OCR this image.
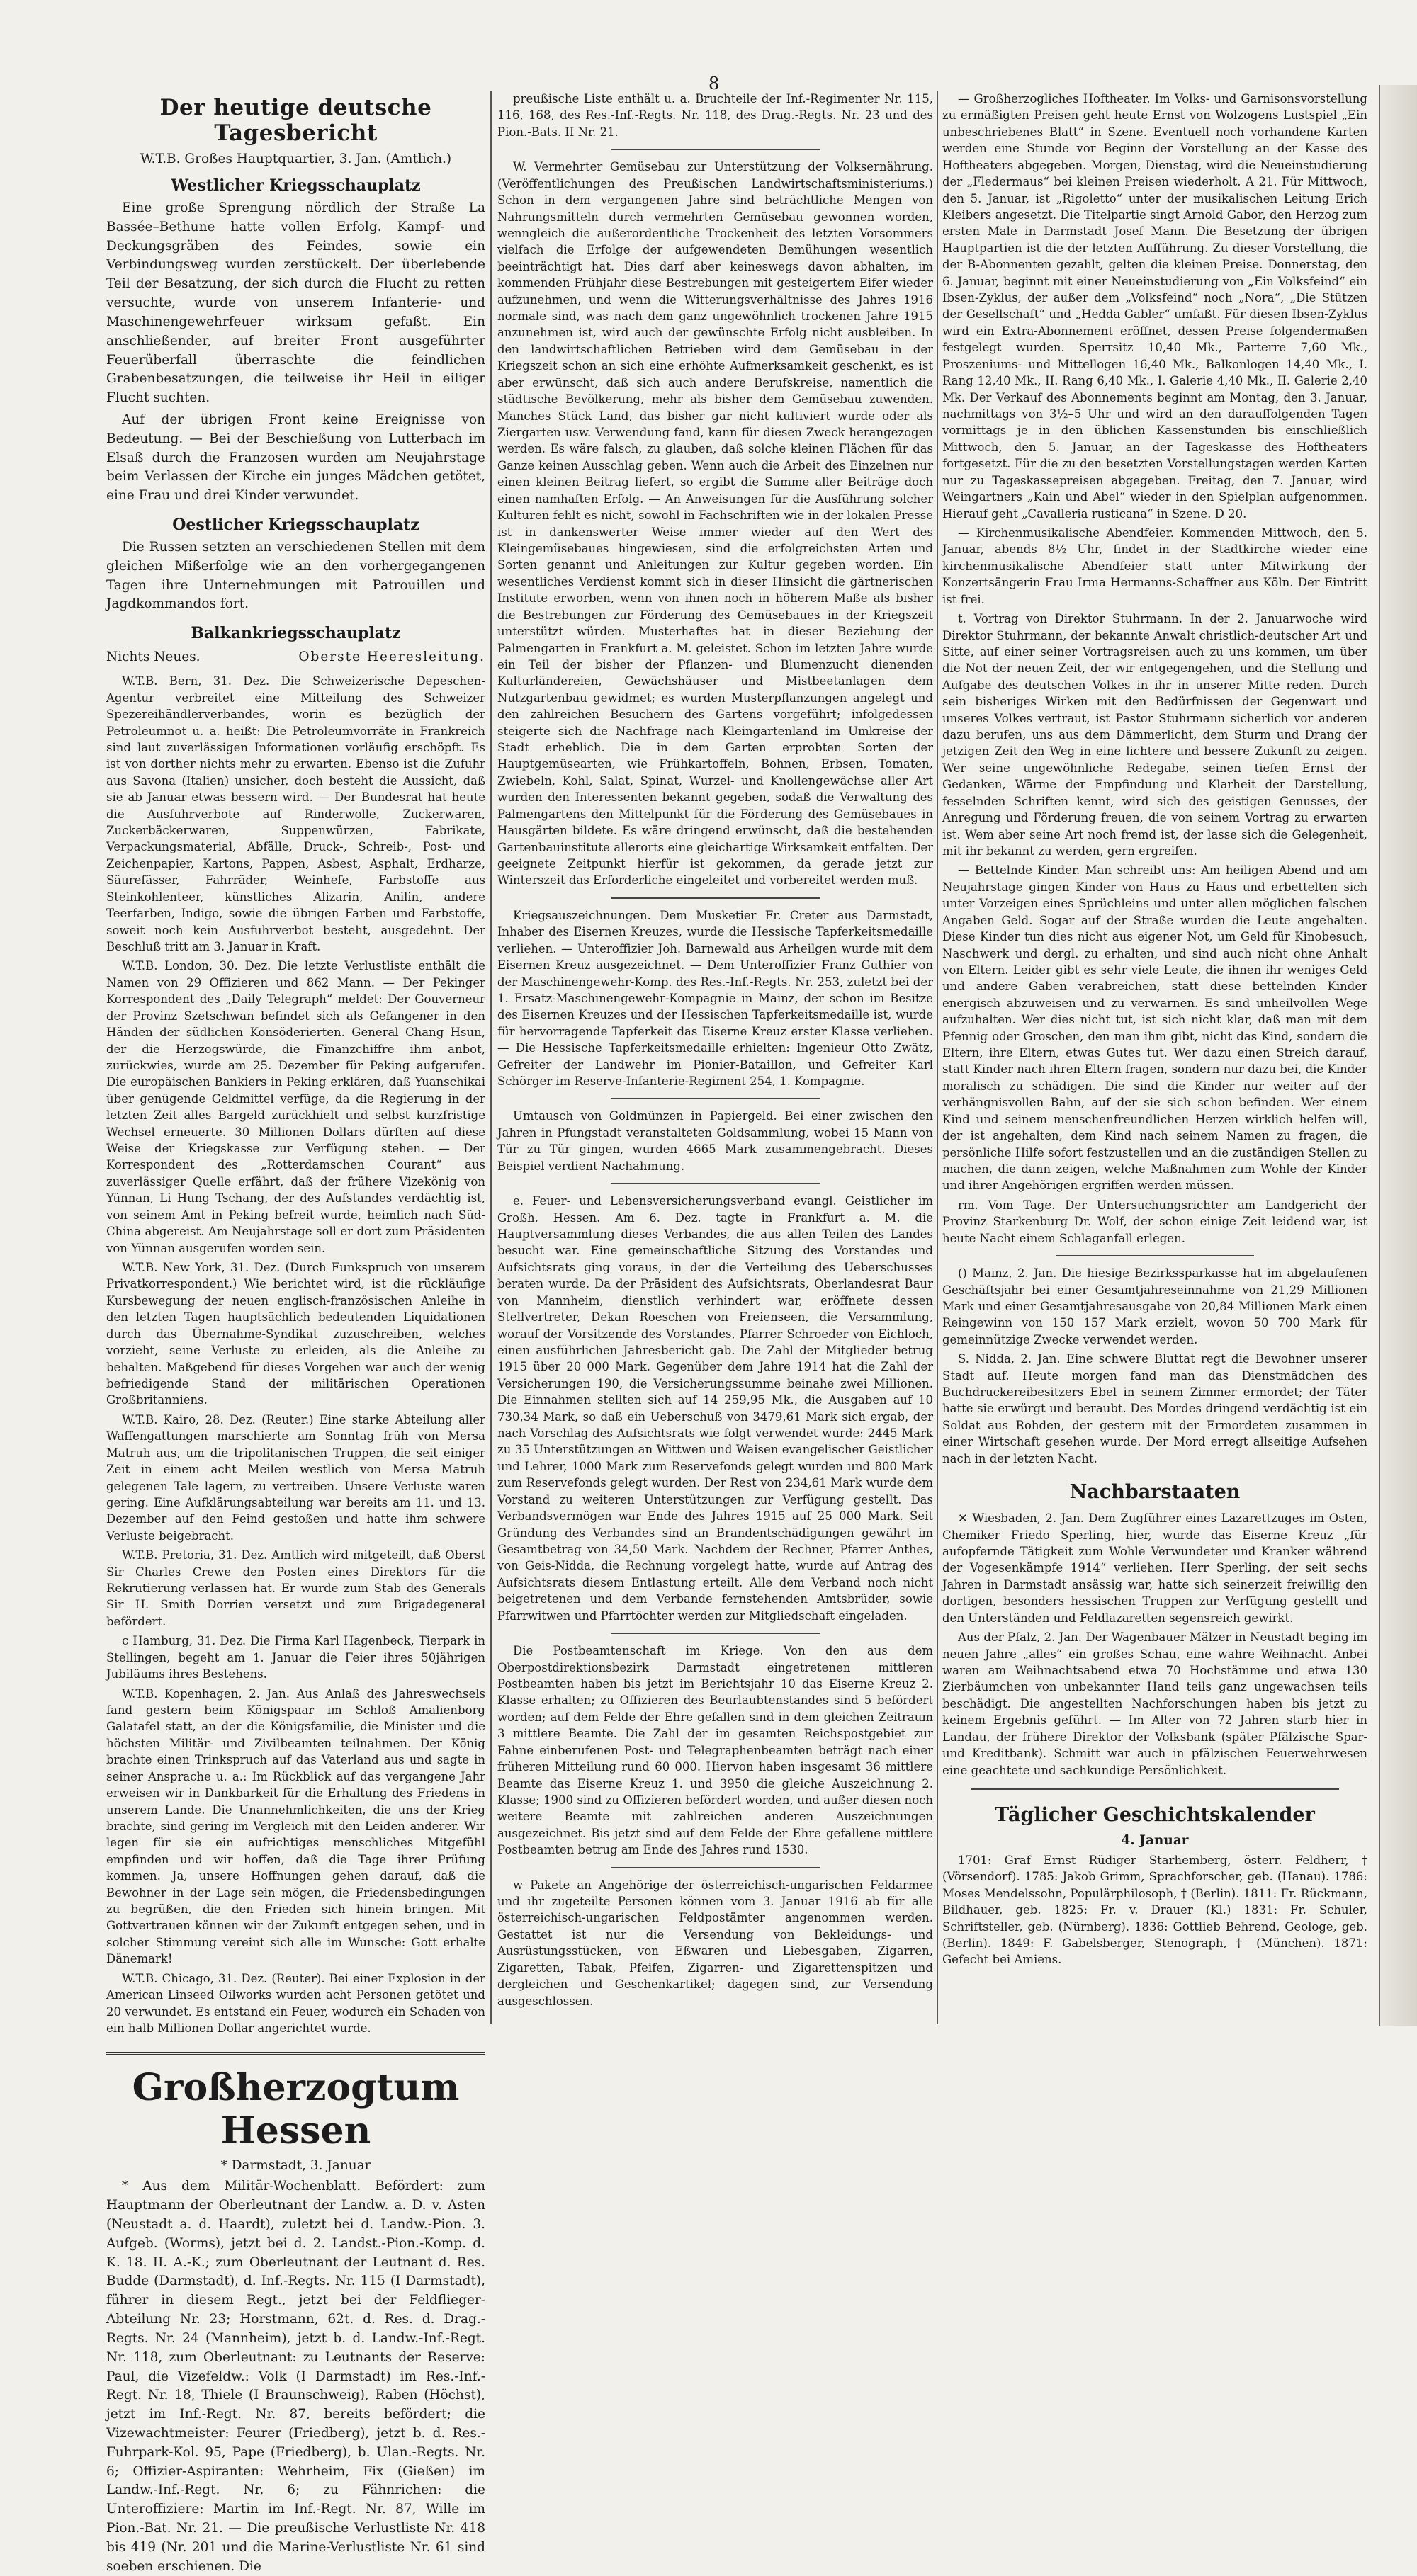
8
Der heutige deutsche Tagesbericht
W.T.B. Großes Hauptquartier, 3. Jan. (Amtlich.)
Westlicher Kriegsschauplatz

Eine große Sprengung nördlich der Straße La Bassée–Bethune hatte vollen Erfolg. Kampf- und Deckungsgräben des Feindes, sowie ein Verbindungsweg wurden zerstückelt. Der überlebende Teil der Besatzung, der sich durch die Flucht zu retten versuchte, wurde von unserem Infanterie- und Maschinengewehrfeuer wirksam gefaßt. Ein anschließender, auf breiter Front ausgeführter Feuerüberfall überraschte die feindlichen Grabenbesatzungen, die teilweise ihr Heil in eiliger Flucht suchten.

Auf der übrigen Front keine Ereignisse von Bedeutung. — Bei der Beschießung von Lutterbach im Elsaß durch die Franzosen wurden am Neujahrstage beim Verlassen der Kirche ein junges Mädchen getötet, eine Frau und drei Kinder verwundet.

Oestlicher Kriegsschauplatz

Die Russen setzten an verschiedenen Stellen mit dem gleichen Mißerfolge wie an den vorhergegangenen Tagen ihre Unternehmungen mit Patrouillen und Jagdkommandos fort.

Balkankriegsschauplatz
Nichts Neues.	Oberste Heeresleitung.

W.T.B. Bern, 31. Dez. Die Schweizerische Depeschen-Agentur verbreitet eine Mitteilung des Schweizer Spezereihändlerverbandes, worin es bezüglich der Petroleumnot u. a. heißt: Die Petroleumvorräte in Frankreich sind laut zuverlässigen Informationen vorläufig erschöpft. Es ist von dorther nichts mehr zu erwarten. Ebenso ist die Zufuhr aus Savona (Italien) unsicher, doch besteht die Aussicht, daß sie ab Januar etwas bessern wird. — Der Bundesrat hat heute die Ausfuhrverbote auf Rinderwolle, Zuckerwaren, Zuckerbäckerwaren, Suppenwürzen, Fabrikate, Verpackungsmaterial, Abfälle, Druck-, Schreib-, Post- und Zeichenpapier, Kartons, Pappen, Asbest, Asphalt, Erdharze, Säurefässer, Fahrräder, Weinhefe, Farbstoffe aus Steinkohlenteer, künstliches Alizarin, Anilin, andere Teerfarben, Indigo, sowie die übrigen Farben und Farbstoffe, soweit noch kein Ausfuhrverbot besteht, ausgedehnt. Der Beschluß tritt am 3. Januar in Kraft.

W.T.B. London, 30. Dez. Die letzte Verlustliste enthält die Namen von 29 Offizieren und 862 Mann. — Der Pekinger Korrespondent des „Daily Telegraph“ meldet: Der Gouverneur der Provinz Szetschwan befindet sich als Gefangener in den Händen der südlichen Konsöderierten. General Chang Hsun, der die Herzogswürde, die Finanzchiffre ihm anbot, zurückwies, wurde am 25. Dezember für Peking aufgerufen. Die europäischen Bankiers in Peking erklären, daß Yuanschikai über genügende Geldmittel verfüge, da die Regierung in der letzten Zeit alles Bargeld zurückhielt und selbst kurzfristige Wechsel erneuerte. 30 Millionen Dollars dürften auf diese Weise der Kriegskasse zur Verfügung stehen. — Der Korrespondent des „Rotterdamschen Courant“ aus zuverlässiger Quelle erfährt, daß der frühere Vizekönig von Yünnan, Li Hung Tschang, der des Aufstandes verdächtig ist, von seinem Amt in Peking befreit wurde, heimlich nach Süd-China abgereist. Am Neujahrstage soll er dort zum Präsidenten von Yünnan ausgerufen worden sein.

W.T.B. New York, 31. Dez. (Durch Funkspruch von unserem Privatkorrespondent.) Wie berichtet wird, ist die rückläufige Kursbewegung der neuen englisch-französischen Anleihe in den letzten Tagen hauptsächlich bedeutenden Liquidationen durch das Übernahme-Syndikat zuzuschreiben, welches vorzieht, seine Verluste zu erleiden, als die Anleihe zu behalten. Maßgebend für dieses Vorgehen war auch der wenig befriedigende Stand der militärischen Operationen Großbritanniens.

W.T.B. Kairo, 28. Dez. (Reuter.) Eine starke Abteilung aller Waffengattungen marschierte am Sonntag früh von Mersa Matruh aus, um die tripolitanischen Truppen, die seit einiger Zeit in einem acht Meilen westlich von Mersa Matruh gelegenen Tale lagern, zu vertreiben. Unsere Verluste waren gering. Eine Aufklärungsabteilung war bereits am 11. und 13. Dezember auf den Feind gestoßen und hatte ihm schwere Verluste beigebracht.

W.T.B. Pretoria, 31. Dez. Amtlich wird mitgeteilt, daß Oberst Sir Charles Crewe den Posten eines Direktors für die Rekrutierung verlassen hat. Er wurde zum Stab des Generals Sir H. Smith Dorrien versetzt und zum Brigadegeneral befördert.

c Hamburg, 31. Dez. Die Firma Karl Hagenbeck, Tierpark in Stellingen, begeht am 1. Januar die Feier ihres 50jährigen Jubiläums ihres Bestehens.

W.T.B. Kopenhagen, 2. Jan. Aus Anlaß des Jahreswechsels fand gestern beim Königspaar im Schloß Amalienborg Galatafel statt, an der die Königsfamilie, die Minister und die höchsten Militär- und Zivilbeamten teilnahmen. Der König brachte einen Trinkspruch auf das Vaterland aus und sagte in seiner Ansprache u. a.: Im Rückblick auf das vergangene Jahr erweisen wir in Dankbarkeit für die Erhaltung des Friedens in unserem Lande. Die Unannehmlichkeiten, die uns der Krieg brachte, sind gering im Vergleich mit den Leiden anderer. Wir legen für sie ein aufrichtiges menschliches Mitgefühl empfinden und wir hoffen, daß die Tage ihrer Prüfung kommen. Ja, unsere Hoffnungen gehen darauf, daß die Bewohner in der Lage sein mögen, die Friedensbedingungen zu begrüßen, die den Frieden sich hinein bringen. Mit Gottvertrauen können wir der Zukunft entgegen sehen, und in solcher Stimmung vereint sich alle im Wunsche: Gott erhalte Dänemark!

W.T.B. Chicago, 31. Dez. (Reuter). Bei einer Explosion in der American Linseed Oilworks wurden acht Personen getötet und 20 verwundet. Es entstand ein Feuer, wodurch ein Schaden von ein halb Millionen Dollar angerichtet wurde.

Großherzogtum Hessen
* Darmstadt, 3. Januar

* Aus dem Militär-Wochenblatt. Befördert: zum Hauptmann der Oberleutnant der Landw. a. D. v. Asten (Neustadt a. d. Haardt), zuletzt bei d. Landw.-Pion. 3. Aufgeb. (Worms), jetzt bei d. 2. Landst.-Pion.-Komp. d. K. 18. II. A.-K.; zum Oberleutnant der Leutnant d. Res. Budde (Darmstadt), d. Inf.-Regts. Nr. 115 (I Darmstadt), führer in diesem Regt., jetzt bei der Feldflieger-Abteilung Nr. 23; Horstmann, 62t. d. Res. d. Drag.-Regts. Nr. 24 (Mannheim), jetzt b. d. Landw.-Inf.-Regt. Nr. 118, zum Oberleutnant: zu Leutnants der Reserve: Paul, die Vizefeldw.: Volk (I Darmstadt) im Res.-Inf.-Regt. Nr. 18, Thiele (I Braunschweig), Raben (Höchst), jetzt im Inf.-Regt. Nr. 87, bereits befördert; die Vizewachtmeister: Feurer (Friedberg), jetzt b. d. Res.-Fuhrpark-Kol. 95, Pape (Friedberg), b. Ulan.-Regts. Nr. 6; Offizier-Aspiranten: Wehrheim, Fix (Gießen) im Landw.-Inf.-Regt. Nr. 6; zu Fähnrichen: die Unteroffiziere: Martin im Inf.-Regt. Nr. 87, Wille im Pion.-Bat. Nr. 21. — Die preußische Verlustliste Nr. 418 bis 419 (Nr. 201 und die Marine-Verlustliste Nr. 61 sind soeben erschienen. Die

preußische Liste enthält u. a. Bruchteile der Inf.-Regimenter Nr. 115, 116, 168, des Res.-Inf.-Regts. Nr. 118, des Drag.-Regts. Nr. 23 und des Pion.-Bats. II Nr. 21.

W. Vermehrter Gemüsebau zur Unterstützung der Volksernährung. (Veröffentlichungen des Preußischen Landwirtschaftsministeriums.) Schon in dem vergangenen Jahre sind beträchtliche Mengen von Nahrungsmitteln durch vermehrten Gemüsebau gewonnen worden, wenngleich die außerordentliche Trockenheit des letzten Vorsommers vielfach die Erfolge der aufgewendeten Bemühungen wesentlich beeinträchtigt hat. Dies darf aber keineswegs davon abhalten, im kommenden Frühjahr diese Bestrebungen mit gesteigertem Eifer wieder aufzunehmen, und wenn die Witterungsverhältnisse des Jahres 1916 normale sind, was nach dem ganz ungewöhnlich trockenen Jahre 1915 anzunehmen ist, wird auch der gewünschte Erfolg nicht ausbleiben. In den landwirtschaftlichen Betrieben wird dem Gemüsebau in der Kriegszeit schon an sich eine erhöhte Aufmerksamkeit geschenkt, es ist aber erwünscht, daß sich auch andere Berufskreise, namentlich die städtische Bevölkerung, mehr als bisher dem Gemüsebau zuwenden. Manches Stück Land, das bisher gar nicht kultiviert wurde oder als Ziergarten usw. Verwendung fand, kann für diesen Zweck herangezogen werden. Es wäre falsch, zu glauben, daß solche kleinen Flächen für das Ganze keinen Ausschlag geben. Wenn auch die Arbeit des Einzelnen nur einen kleinen Beitrag liefert, so ergibt die Summe aller Beiträge doch einen namhaften Erfolg. — An Anweisungen für die Ausführung solcher Kulturen fehlt es nicht, sowohl in Fachschriften wie in der lokalen Presse ist in dankenswerter Weise immer wieder auf den Wert des Kleingemüsebaues hingewiesen, sind die erfolgreichsten Arten und Sorten genannt und Anleitungen zur Kultur gegeben worden. Ein wesentliches Verdienst kommt sich in dieser Hinsicht die gärtnerischen Institute erworben, wenn von ihnen noch in höherem Maße als bisher die Bestrebungen zur Förderung des Gemüsebaues in der Kriegszeit unterstützt würden. Musterhaftes hat in dieser Beziehung der Palmengarten in Frankfurt a. M. geleistet. Schon im letzten Jahre wurde ein Teil der bisher der Pflanzen- und Blumenzucht dienenden Kulturländereien, Gewächshäuser und Mistbeetanlagen dem Nutzgartenbau gewidmet; es wurden Musterpflanzungen angelegt und den zahlreichen Besuchern des Gartens vorgeführt; infolgedessen steigerte sich die Nachfrage nach Kleingartenland im Umkreise der Stadt erheblich. Die in dem Garten erprobten Sorten der Hauptgemüsearten, wie Frühkartoffeln, Bohnen, Erbsen, Tomaten, Zwiebeln, Kohl, Salat, Spinat, Wurzel- und Knollengewächse aller Art wurden den Interessenten bekannt gegeben, sodaß die Verwaltung des Palmengartens den Mittelpunkt für die Förderung des Gemüsebaues in Hausgärten bildete. Es wäre dringend erwünscht, daß die bestehenden Gartenbauinstitute allerorts eine gleichartige Wirksamkeit entfalten. Der geeignete Zeitpunkt hierfür ist gekommen, da gerade jetzt zur Winterszeit das Erforderliche eingeleitet und vorbereitet werden muß.

Kriegsauszeichnungen. Dem Musketier Fr. Creter aus Darmstadt, Inhaber des Eisernen Kreuzes, wurde die Hessische Tapferkeitsmedaille verliehen. — Unteroffizier Joh. Barnewald aus Arheilgen wurde mit dem Eisernen Kreuz ausgezeichnet. — Dem Unteroffizier Franz Guthier von der Maschinengewehr-Komp. des Res.-Inf.-Regts. Nr. 253, zuletzt bei der 1. Ersatz-Maschinengewehr-Kompagnie in Mainz, der schon im Besitze des Eisernen Kreuzes und der Hessischen Tapferkeitsmedaille ist, wurde für hervorragende Tapferkeit das Eiserne Kreuz erster Klasse verliehen. — Die Hessische Tapferkeitsmedaille erhielten: Ingenieur Otto Zwätz, Gefreiter der Landwehr im Pionier-Bataillon, und Gefreiter Karl Schörger im Reserve-Infanterie-Regiment 254, 1. Kompagnie.

Umtausch von Goldmünzen in Papiergeld. Bei einer zwischen den Jahren in Pfungstadt veranstalteten Goldsammlung, wobei 15 Mann von Tür zu Tür gingen, wurden 4665 Mark zusammengebracht. Dieses Beispiel verdient Nachahmung.

e. Feuer- und Lebensversicherungsverband evangl. Geistlicher im Großh. Hessen. Am 6. Dez. tagte in Frankfurt a. M. die Hauptversammlung dieses Verbandes, die aus allen Teilen des Landes besucht war. Eine gemeinschaftliche Sitzung des Vorstandes und Aufsichtsrats ging voraus, in der die Verteilung des Ueberschusses beraten wurde. Da der Präsident des Aufsichtsrats, Oberlandesrat Baur von Mannheim, dienstlich verhindert war, eröffnete dessen Stellvertreter, Dekan Roeschen von Freienseen, die Versammlung, worauf der Vorsitzende des Vorstandes, Pfarrer Schroeder von Eichloch, einen ausführlichen Jahresbericht gab. Die Zahl der Mitglieder betrug 1915 über 20 000 Mark. Gegenüber dem Jahre 1914 hat die Zahl der Versicherungen 190, die Versicherungssumme beinahe zwei Millionen. Die Einnahmen stellten sich auf 14 259,95 Mk., die Ausgaben auf 10 730,34 Mark, so daß ein Ueberschuß von 3479,61 Mark sich ergab, der nach Vorschlag des Aufsichtsrats wie folgt verwendet wurde: 2445 Mark zu 35 Unterstützungen an Wittwen und Waisen evangelischer Geistlicher und Lehrer, 1000 Mark zum Reservefonds gelegt wurden und 800 Mark zum Reservefonds gelegt wurden. Der Rest von 234,61 Mark wurde dem Vorstand zu weiteren Unterstützungen zur Verfügung gestellt. Das Verbandsvermögen war Ende des Jahres 1915 auf 25 000 Mark. Seit Gründung des Verbandes sind an Brandentschädigungen gewährt im Gesamtbetrag von 34,50 Mark. Nachdem der Rechner, Pfarrer Anthes, von Geis-Nidda, die Rechnung vorgelegt hatte, wurde auf Antrag des Aufsichtsrats diesem Entlastung erteilt. Alle dem Verband noch nicht beigetretenen und dem Verbande fernstehenden Amtsbrüder, sowie Pfarrwitwen und Pfarrtöchter werden zur Mitgliedschaft eingeladen.

Die Postbeamtenschaft im Kriege. Von den aus dem Oberpostdirektionsbezirk Darmstadt eingetretenen mittleren Postbeamten haben bis jetzt im Berichtsjahr 10 das Eiserne Kreuz 2. Klasse erhalten; zu Offizieren des Beurlaubtenstandes sind 5 befördert worden; auf dem Felde der Ehre gefallen sind in dem gleichen Zeitraum 3 mittlere Beamte. Die Zahl der im gesamten Reichspostgebiet zur Fahne einberufenen Post- und Telegraphenbeamten beträgt nach einer früheren Mitteilung rund 60 000. Hiervon haben insgesamt 36 mittlere Beamte das Eiserne Kreuz 1. und 3950 die gleiche Auszeichnung 2. Klasse; 1900 sind zu Offizieren befördert worden, und außer diesen noch weitere Beamte mit zahlreichen anderen Auszeichnungen ausgezeichnet. Bis jetzt sind auf dem Felde der Ehre gefallene mittlere Postbeamten betrug am Ende des Jahres rund 1530.

w Pakete an Angehörige der österreichisch-ungarischen Feldarmee und ihr zugeteilte Personen können vom 3. Januar 1916 ab für alle österreichisch-ungarischen Feldpostämter angenommen werden. Gestattet ist nur die Versendung von Bekleidungs- und Ausrüstungsstücken, von Eßwaren und Liebesgaben, Zigarren, Zigaretten, Tabak, Pfeifen, Zigarren- und Zigarettenspitzen und dergleichen und Geschenkartikel; dagegen sind, zur Versendung ausgeschlossen.

— Großherzogliches Hoftheater. Im Volks- und Garnisonsvorstellung zu ermäßigten Preisen geht heute Ernst von Wolzogens Lustspiel „Ein unbeschriebenes Blatt“ in Szene. Eventuell noch vorhandene Karten werden eine Stunde vor Beginn der Vorstellung an der Kasse des Hoftheaters abgegeben. Morgen, Dienstag, wird die Neueinstudierung der „Fledermaus“ bei kleinen Preisen wiederholt. A 21. Für Mittwoch, den 5. Januar, ist „Rigoletto“ unter der musikalischen Leitung Erich Kleibers angesetzt. Die Titelpartie singt Arnold Gabor, den Herzog zum ersten Male in Darmstadt Josef Mann. Die Besetzung der übrigen Hauptpartien ist die der letzten Aufführung. Zu dieser Vorstellung, die der B-Abonnenten gezahlt, gelten die kleinen Preise. Donnerstag, den 6. Januar, beginnt mit einer Neueinstudierung von „Ein Volksfeind“ ein Ibsen-Zyklus, der außer dem „Volksfeind“ noch „Nora“, „Die Stützen der Gesellschaft“ und „Hedda Gabler“ umfaßt. Für diesen Ibsen-Zyklus wird ein Extra-Abonnement eröffnet, dessen Preise folgendermaßen festgelegt wurden. Sperrsitz 10,40 Mk., Parterre 7,60 Mk., Proszeniums- und Mittellogen 16,40 Mk., Balkonlogen 14,40 Mk., I. Rang 12,40 Mk., II. Rang 6,40 Mk., I. Galerie 4,40 Mk., II. Galerie 2,40 Mk. Der Verkauf des Abonnements beginnt am Montag, den 3. Januar, nachmittags von 3½–5 Uhr und wird an den darauffolgenden Tagen vormittags je in den üblichen Kassenstunden bis einschließlich Mittwoch, den 5. Januar, an der Tageskasse des Hoftheaters fortgesetzt. Für die zu den besetzten Vorstellungstagen werden Karten nur zu Tageskassepreisen abgegeben. Freitag, den 7. Januar, wird Weingartners „Kain und Abel“ wieder in den Spielplan aufgenommen. Hierauf geht „Cavalleria rusticana“ in Szene. D 20.

— Kirchenmusikalische Abendfeier. Kommenden Mittwoch, den 5. Januar, abends 8½ Uhr, findet in der Stadtkirche wieder eine kirchenmusikalische Abendfeier statt unter Mitwirkung der Konzertsängerin Frau Irma Hermanns-Schaffner aus Köln. Der Eintritt ist frei.

t. Vortrag von Direktor Stuhrmann. In der 2. Januarwoche wird Direktor Stuhrmann, der bekannte Anwalt christlich-deutscher Art und Sitte, auf einer seiner Vortragsreisen auch zu uns kommen, um über die Not der neuen Zeit, der wir entgegengehen, und die Stellung und Aufgabe des deutschen Volkes in ihr in unserer Mitte reden. Durch sein bisheriges Wirken mit den Bedürfnissen der Gegenwart und unseres Volkes vertraut, ist Pastor Stuhrmann sicherlich vor anderen dazu berufen, uns aus dem Dämmerlicht, dem Sturm und Drang der jetzigen Zeit den Weg in eine lichtere und bessere Zukunft zu zeigen. Wer seine ungewöhnliche Redegabe, seinen tiefen Ernst der Gedanken, Wärme der Empfindung und Klarheit der Darstellung, fesselnden Schriften kennt, wird sich des geistigen Genusses, der Anregung und Förderung freuen, die von seinem Vortrag zu erwarten ist. Wem aber seine Art noch fremd ist, der lasse sich die Gelegenheit, mit ihr bekannt zu werden, gern ergreifen.

— Bettelnde Kinder. Man schreibt uns: Am heiligen Abend und am Neujahrstage gingen Kinder von Haus zu Haus und erbettelten sich unter Vorzeigen eines Sprüchleins und unter allen möglichen falschen Angaben Geld. Sogar auf der Straße wurden die Leute angehalten. Diese Kinder tun dies nicht aus eigener Not, um Geld für Kinobesuch, Naschwerk und dergl. zu erhalten, und sind auch nicht ohne Anhalt von Eltern. Leider gibt es sehr viele Leute, die ihnen ihr weniges Geld und andere Gaben verabreichen, statt diese bettelnden Kinder energisch abzuweisen und zu verwarnen. Es sind unheilvollen Wege aufzuhalten. Wer dies nicht tut, ist sich nicht klar, daß man mit dem Pfennig oder Groschen, den man ihm gibt, nicht das Kind, sondern die Eltern, ihre Eltern, etwas Gutes tut. Wer dazu einen Streich darauf, statt Kinder nach ihren Eltern fragen, sondern nur dazu bei, die Kinder moralisch zu schädigen. Die sind die Kinder nur weiter auf der verhängnisvollen Bahn, auf der sie sich schon befinden. Wer einem Kind und seinem menschenfreundlichen Herzen wirklich helfen will, der ist angehalten, dem Kind nach seinem Namen zu fragen, die persönliche Hilfe sofort festzustellen und an die zuständigen Stellen zu machen, die dann zeigen, welche Maßnahmen zum Wohle der Kinder und ihrer Angehörigen ergriffen werden müssen.

rm. Vom Tage. Der Untersuchungsrichter am Landgericht der Provinz Starkenburg Dr. Wolf, der schon einige Zeit leidend war, ist heute Nacht einem Schlaganfall erlegen.

() Mainz, 2. Jan. Die hiesige Bezirkssparkasse hat im abgelaufenen Geschäftsjahr bei einer Gesamtjahreseinnahme von 21,29 Millionen Mark und einer Gesamtjahresausgabe von 20,84 Millionen Mark einen Reingewinn von 150 157 Mark erzielt, wovon 50 700 Mark für gemeinnützige Zwecke verwendet werden.

S. Nidda, 2. Jan. Eine schwere Bluttat regt die Bewohner unserer Stadt auf. Heute morgen fand man das Dienstmädchen des Buchdruckereibesitzers Ebel in seinem Zimmer ermordet; der Täter hatte sie erwürgt und beraubt. Des Mordes dringend verdächtig ist ein Soldat aus Rohden, der gestern mit der Ermordeten zusammen in einer Wirtschaft gesehen wurde. Der Mord erregt allseitige Aufsehen nach in der letzten Nacht.

Nachbarstaaten

✕ Wiesbaden, 2. Jan. Dem Zugführer eines Lazarettzuges im Osten, Chemiker Friedo Sperling, hier, wurde das Eiserne Kreuz „für aufopfernde Tätigkeit zum Wohle Verwundeter und Kranker während der Vogesenkämpfe 1914“ verliehen. Herr Sperling, der seit sechs Jahren in Darmstadt ansässig war, hatte sich seinerzeit freiwillig den dortigen, besonders hessischen Truppen zur Verfügung gestellt und den Unterständen und Feldlazaretten segensreich gewirkt.

Aus der Pfalz, 2. Jan. Der Wagenbauer Mälzer in Neustadt beging im neuen Jahre „alles“ ein großes Schau, eine wahre Weihnacht. Anbei waren am Weihnachtsabend etwa 70 Hochstämme und etwa 130 Zierbäumchen von unbekannter Hand teils ganz ungewachsen teils beschädigt. Die angestellten Nachforschungen haben bis jetzt zu keinem Ergebnis geführt. — Im Alter von 72 Jahren starb hier in Landau, der frühere Direktor der Volksbank (später Pfälzische Spar- und Kreditbank). Schmitt war auch in pfälzischen Feuerwehrwesen eine geachtete und sachkundige Persönlichkeit.

Täglicher Geschichtskalender
4. Januar

1701: Graf Ernst Rüdiger Starhemberg, österr. Feldherr, † (Vörsendorf). 1785: Jakob Grimm, Sprachforscher, geb. (Hanau). 1786: Moses Mendelssohn, Populärphilosoph, † (Berlin). 1811: Fr. Rückmann, Bildhauer, geb. 1825: Fr. v. Drauer (Kl.) 1831: Fr. Schuler, Schriftsteller, geb. (Nürnberg). 1836: Gottlieb Behrend, Geologe, geb. (Berlin). 1849: F. Gabelsberger, Stenograph, † (München). 1871: Gefecht bei Amiens.
